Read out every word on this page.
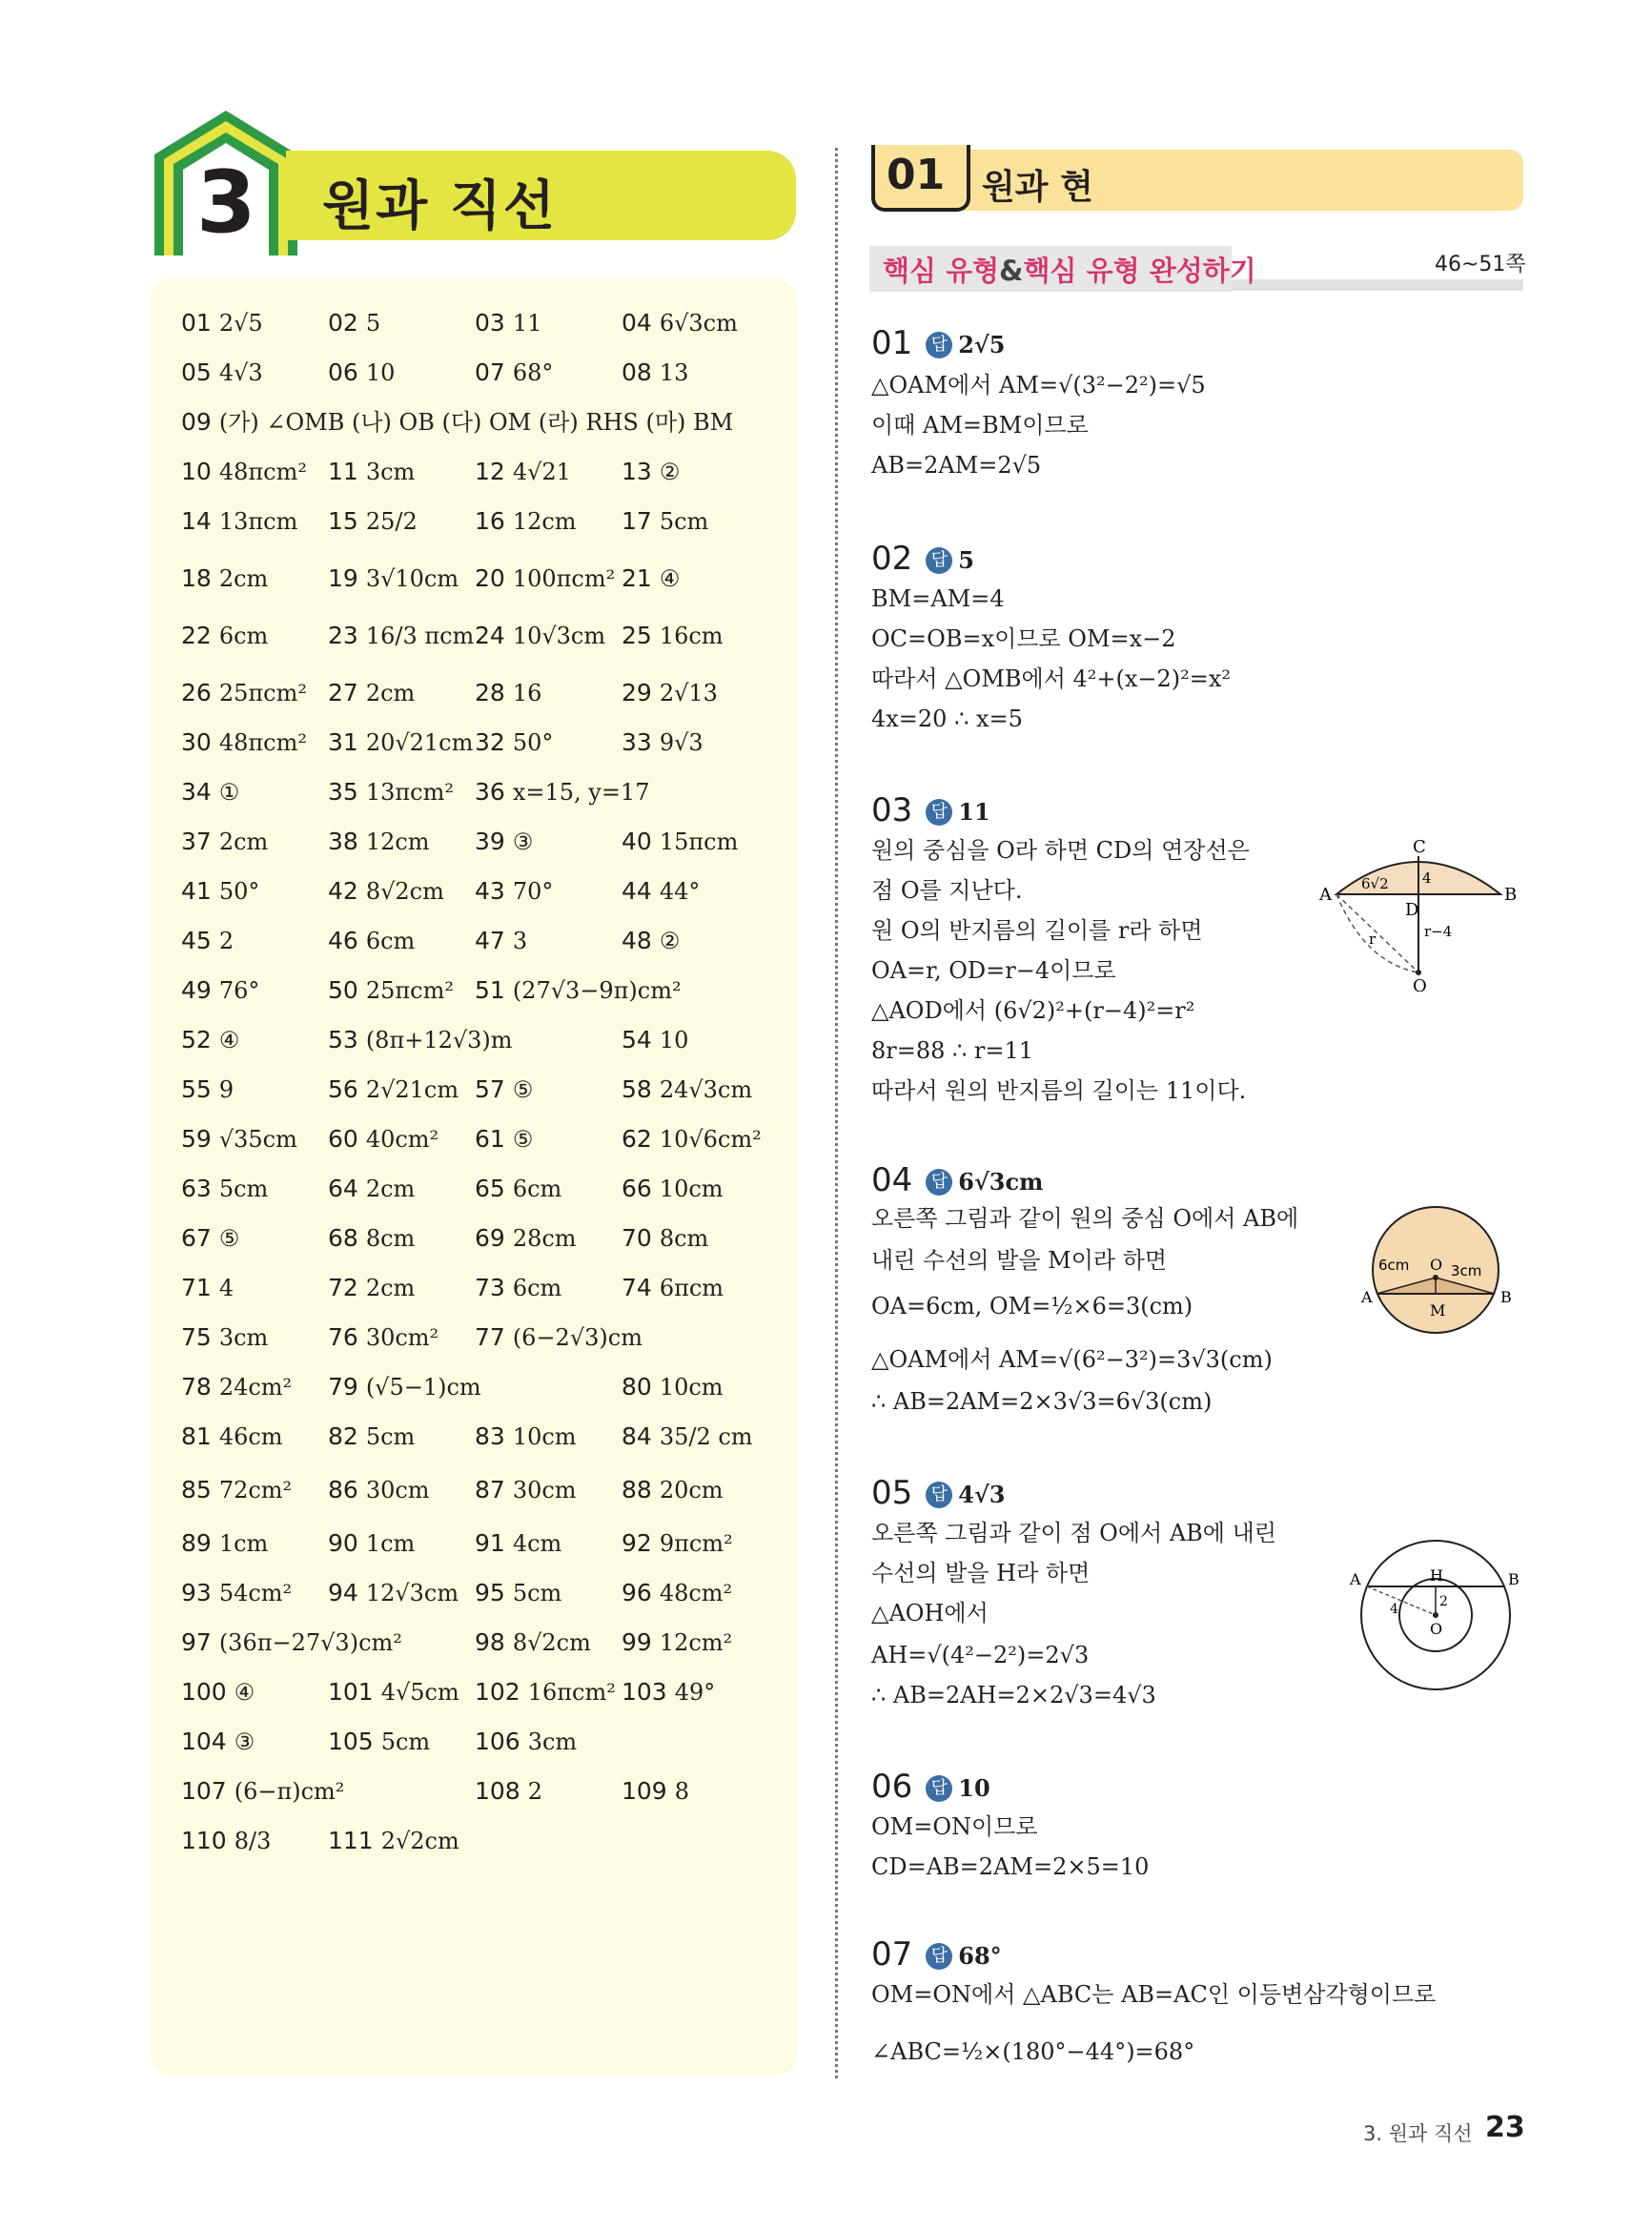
3 원과 직선
01 2√5	02 5	03 11	04 6√3cm
05 4√3	06 10	07 68°	08 13
09 (가) ∠OMB (나) OB (다) OM (라) RHS (마) BM
10 48πcm² 11 3cm	12 4√21 13 ②
14 13πcm 15 25/2 16 12cm 17 5cm
18 2cm	19 3√10cm 20 100πcm² 21 ④
22 6cm	23 16/3 πcm 24 10√3cm 25 16cm
26 25πcm² 27 2cm	28 16	29 2√13
30 48πcm² 31 20√21cm 32 50°	33 9√3
34 ①	35 13πcm² 36 x=15, y=17
37 2cm	38 12cm 39 ③	40 15πcm
41 50°	42 8√2cm 43 70°	44 44°
45 2	46 6cm	47 3	48 ②
49 76°	50 25πcm² 51 (27√3−9π)cm²
52 ④	53 (8π+12√3)m	54 10
55 9	56 2√21cm 57 ⑤	58 24√3cm
59 √35cm 60 40cm² 61 ⑤	62 10√6cm²
63 5cm	64 2cm	65 6cm	66 10cm
67 ⑤	68 8cm	69 28cm 70 8cm
71 4	72 2cm	73 6cm	74 6πcm
75 3cm	76 30cm² 77 (6−2√3)cm
78 24cm² 79 (√5−1)cm	80 10cm
81 46cm 82 5cm	83 10cm 84 35/2 cm
85 72cm² 86 30cm 87 30cm 88 20cm
89 1cm	90 1cm	91 4cm	92 9πcm²
93 54cm² 94 12√3cm 95 5cm	96 48cm²
97 (36π−27√3)cm²	98 8√2cm 99 12cm²
100 ④	101 4√5cm 102 16πcm² 103 49°
104 ③	105 5cm 106 3cm
107 (6−π)cm²	108 2	109 8
110 8/3 111 2√2cm
01 원과 현
핵심 유형&핵심 유형 완성하기	46~51쪽
01 답 2√5
△OAM에서 AM=√(3²−2²)=√5
이때 AM=BM이므로
AB=2AM=2√5
02 답 5
BM=AM=4
OC=OB=x이므로 OM=x−2
따라서 △OMB에서 4²+(x−2)²=x²
4x=20 ∴ x=5
03 답 11
원의 중심을 O라 하면 CD의 연장선은
점 O를 지난다.
원 O의 반지름의 길이를 r라 하면
OA=r, OD=r−4이므로
△AOD에서 (6√2)²+(r−4)²=r²
8r=88 ∴ r=11
따라서 원의 반지름의 길이는 11이다.
04 답 6√3cm
오른쪽 그림과 같이 원의 중심 O에서 AB에
내린 수선의 발을 M이라 하면
OA=6cm, OM=½×6=3(cm)
△OAM에서 AM=√(6²−3²)=3√3(cm)
∴ AB=2AM=2×3√3=6√3(cm)
05 답 4√3
오른쪽 그림과 같이 점 O에서 AB에 내린
수선의 발을 H라 하면
△AOH에서
AH=√(4²−2²)=2√3
∴ AB=2AH=2×2√3=4√3
06 답 10
OM=ON이므로
CD=AB=2AM=2×5=10
07 답 68°
OM=ON에서 △ABC는 AB=AC인 이등변삼각형이므로
∠ABC=½×(180°−44°)=68°
A	B
C
D
O
6√2 4
r	r−4
A	B
O
M
6cm	3cm
A	B
H
O
4	2
3. 원과 직선 23
